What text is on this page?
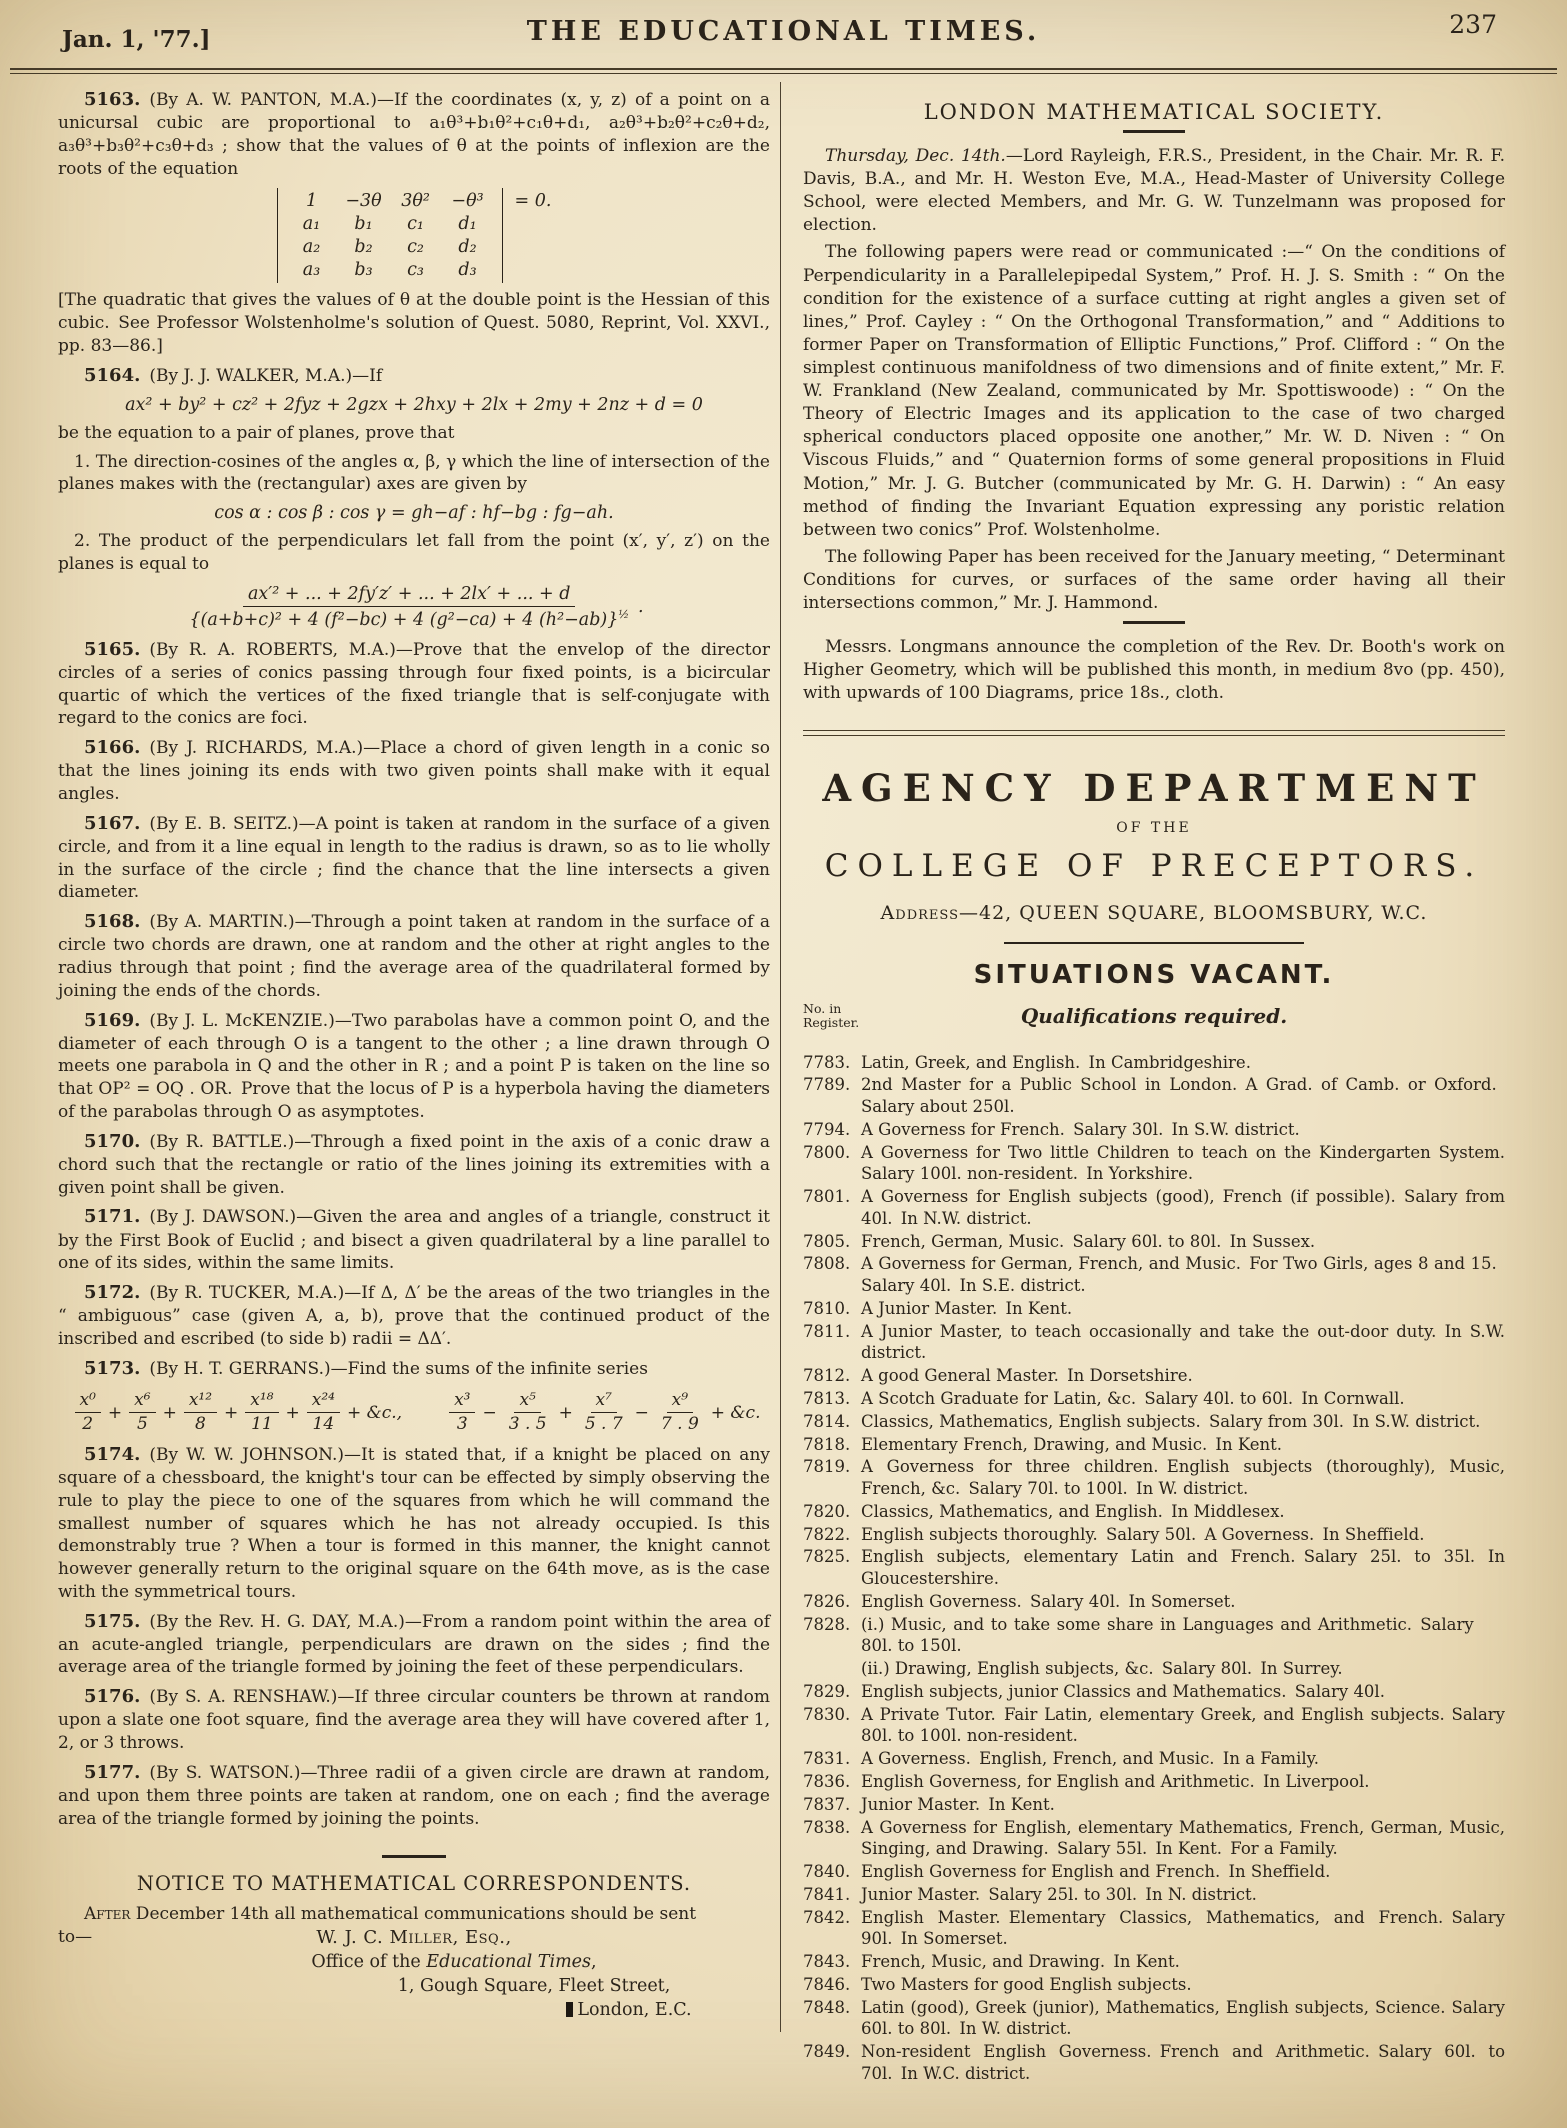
Jan. 1, '77.]	THE EDUCATIONAL TIMES.	237

5163. (By A. W. PANTON, M.A.)—If the coordinates (x, y, z) of a point on a unicursal cubic are proportional to a₁θ³+b₁θ²+c₁θ+d₁, a₂θ³+b₂θ²+c₂θ+d₂, a₃θ³+b₃θ²+c₃θ+d₃ ; show that the values of θ at the points of inflexion are the roots of the equation

1	−3θ	3θ²	−θ³
a₁	b₁	c₁	d₁
a₂	b₂	c₂	d₂
a₃	b₃	c₃	d₃
= 0.

[The quadratic that gives the values of θ at the double point is the Hessian of this cubic. See Professor Wolstenholme's solution of Quest. 5080, Reprint, Vol. XXVI., pp. 83—86.]

5164. (By J. J. WALKER, M.A.)—If

ax² + by² + cz² + 2fyz + 2gzx + 2hxy + 2lx + 2my + 2nz + d = 0

be the equation to a pair of planes, prove that

1. The direction-cosines of the angles α, β, γ which the line of intersection of the planes makes with the (rectangular) axes are given by

cos α : cos β : cos γ = gh−af : hf−bg : fg−ah.

2. The product of the perpendiculars let fall from the point (x′, y′, z′) on the planes is equal to

$\frac{\text{ax′² + ... + 2fy′z′ + ... + 2lx′ + ... + d}}{\{(a+b+c)^2 + 4 (f^2-bc) + 4 (g^2-ca) + 4 (h^2-ab)\}^{\frac{1}{2}}}$ .

5165. (By R. A. ROBERTS, M.A.)—Prove that the envelop of the director circles of a series of conics passing through four fixed points, is a bicircular quartic of which the vertices of the fixed triangle that is self-conjugate with regard to the conics are foci.

5166. (By J. RICHARDS, M.A.)—Place a chord of given length in a conic so that the lines joining its ends with two given points shall make with it equal angles.

5167. (By E. B. SEITZ.)—A point is taken at random in the surface of a given circle, and from it a line equal in length to the radius is drawn, so as to lie wholly in the surface of the circle ; find the chance that the line intersects a given diameter.

5168. (By A. MARTIN.)—Through a point taken at random in the surface of a circle two chords are drawn, one at random and the other at right angles to the radius through that point ; find the average area of the quadrilateral formed by joining the ends of the chords.

5169. (By J. L. McKENZIE.)—Two parabolas have a common point O, and the diameter of each through O is a tangent to the other ; a line drawn through O meets one parabola in Q and the other in R ; and a point P is taken on the line so that OP² = OQ . OR. Prove that the locus of P is a hyperbola having the diameters of the parabolas through O as asymptotes.

5170. (By R. BATTLE.)—Through a fixed point in the axis of a conic draw a chord such that the rectangle or ratio of the lines joining its extremities with a given point shall be given.

5171. (By J. DAWSON.)—Given the area and angles of a triangle, construct it by the First Book of Euclid ; and bisect a given quadrilateral by a line parallel to one of its sides, within the same limits.

5172. (By R. TUCKER, M.A.)—If Δ, Δ′ be the areas of the two triangles in the “ ambiguous” case (given A, a, b), prove that the continued product of the inscribed and escribed (to side b) radii = ΔΔ′.

5173. (By H. T. GERRANS.)—Find the sums of the infinite series

$\frac{\text{x⁰}}{2} + \frac{\text{x⁶}}{5} + \frac{\text{x¹²}}{8} + \frac{\text{x¹⁸}}{11} + \frac{\text{x²⁴}}{14}$ + &c.,	$\frac{\text{x³}}{3} - \frac{\text{x⁵}}{3 . 5} + \frac{\text{x⁷}}{5 . 7} - \frac{\text{x⁹}}{7 . 9}$ + &c.

5174. (By W. W. JOHNSON.)—It is stated that, if a knight be placed on any square of a chessboard, the knight's tour can be effected by simply observing the rule to play the piece to one of the squares from which he will command the smallest number of squares which he has not already occupied. Is this demonstrably true ? When a tour is formed in this manner, the knight cannot however generally return to the original square on the 64th move, as is the case with the symmetrical tours.

5175. (By the Rev. H. G. DAY, M.A.)—From a random point within the area of an acute-angled triangle, perpendiculars are drawn on the sides ; find the average area of the triangle formed by joining the feet of these perpendiculars.

5176. (By S. A. RENSHAW.)—If three circular counters be thrown at random upon a slate one foot square, find the average area they will have covered after 1, 2, or 3 throws.

5177. (By S. WATSON.)—Three radii of a given circle are drawn at random, and upon them three points are taken at random, one on each ; find the average area of the triangle formed by joining the points.

NOTICE TO MATHEMATICAL CORRESPONDENTS.

After December 14th all mathematical communications should be sent

to—	W. J. C. Miller, Esq.,
Office of the Educational Times,
1, Gough Square, Fleet Street,
London, E.C.
LONDON MATHEMATICAL SOCIETY.

Thursday, Dec. 14th.—Lord Rayleigh, F.R.S., President, in the Chair. Mr. R. F. Davis, B.A., and Mr. H. Weston Eve, M.A., Head-Master of University College School, were elected Members, and Mr. G. W. Tunzelmann was proposed for election.

The following papers were read or communicated :—“ On the conditions of Perpendicularity in a Parallelepipedal System,” Prof. H. J. S. Smith : “ On the condition for the existence of a surface cutting at right angles a given set of lines,” Prof. Cayley : “ On the Orthogonal Transformation,” and “ Additions to former Paper on Transformation of Elliptic Functions,” Prof. Clifford : “ On the simplest continuous manifoldness of two dimensions and of finite extent,” Mr. F. W. Frankland (New Zealand, communicated by Mr. Spottiswoode) : “ On the Theory of Electric Images and its application to the case of two charged spherical conductors placed opposite one another,” Mr. W. D. Niven : “ On Viscous Fluids,” and “ Quaternion forms of some general propositions in Fluid Motion,” Mr. J. G. Butcher (communicated by Mr. G. H. Darwin) : “ An easy method of finding the Invariant Equation expressing any poristic relation between two conics” Prof. Wolstenholme.

The following Paper has been received for the January meeting, “ Determinant Conditions for curves, or surfaces of the same order having all their intersections common,” Mr. J. Hammond.

Messrs. Longmans announce the completion of the Rev. Dr. Booth's work on Higher Geometry, which will be published this month, in medium 8vo (pp. 450), with upwards of 100 Diagrams, price 18s., cloth.

AGENCY DEPARTMENT
OF THE
COLLEGE OF PRECEPTORS.
Address—42, QUEEN SQUARE, BLOOMSBURY, W.C.
SITUATIONS VACANT.
No. in
Register.	Qualifications required.
7783. Latin, Greek, and English. In Cambridgeshire.
7789. 2nd Master for a Public School in London. A Grad. of Camb. or Oxford. Salary about 250l.
7794. A Governess for French. Salary 30l. In S.W. district.
7800. A Governess for Two little Children to teach on the Kindergarten System. Salary 100l. non-resident. In Yorkshire.
7801. A Governess for English subjects (good), French (if possible). Salary from 40l. In N.W. district.
7805. French, German, Music. Salary 60l. to 80l. In Sussex.
7808. A Governess for German, French, and Music. For Two Girls, ages 8 and 15. Salary 40l. In S.E. district.
7810. A Junior Master. In Kent.
7811. A Junior Master, to teach occasionally and take the out-door duty. In S.W. district.
7812. A good General Master. In Dorsetshire.
7813. A Scotch Graduate for Latin, &c. Salary 40l. to 60l. In Cornwall.
7814. Classics, Mathematics, English subjects. Salary from 30l. In S.W. district.
7818. Elementary French, Drawing, and Music. In Kent.
7819. A Governess for three children. English subjects (thoroughly), Music, French, &c. Salary 70l. to 100l. In W. district.
7820. Classics, Mathematics, and English. In Middlesex.
7822. English subjects thoroughly. Salary 50l. A Governess. In Sheffield.
7825. English subjects, elementary Latin and French. Salary 25l. to 35l. In Gloucestershire.
7826. English Governess. Salary 40l. In Somerset.
7828. (i.) Music, and to take some share in Languages and Arithmetic. Salary   80l. to 150l.
(ii.) Drawing, English subjects, &c. Salary 80l. In Surrey.
7829. English subjects, junior Classics and Mathematics. Salary 40l.
7830. A Private Tutor. Fair Latin, elementary Greek, and English subjects. Salary 80l. to 100l. non-resident.
7831. A Governess. English, French, and Music. In a Family.
7836. English Governess, for English and Arithmetic. In Liverpool.
7837. Junior Master. In Kent.
7838. A Governess for English, elementary Mathematics, French, German, Music, Singing, and Drawing. Salary 55l. In Kent. For a Family.
7840. English Governess for English and French. In Sheffield.
7841. Junior Master. Salary 25l. to 30l. In N. district.
7842. English Master. Elementary Classics, Mathematics, and French. Salary 90l. In Somerset.
7843. French, Music, and Drawing. In Kent.
7846. Two Masters for good English subjects.
7848. Latin (good), Greek (junior), Mathematics, English subjects, Science. Salary 60l. to 80l. In W. district.
7849. Non-resident English Governess. French and Arithmetic. Salary 60l. to 70l. In W.C. district.
